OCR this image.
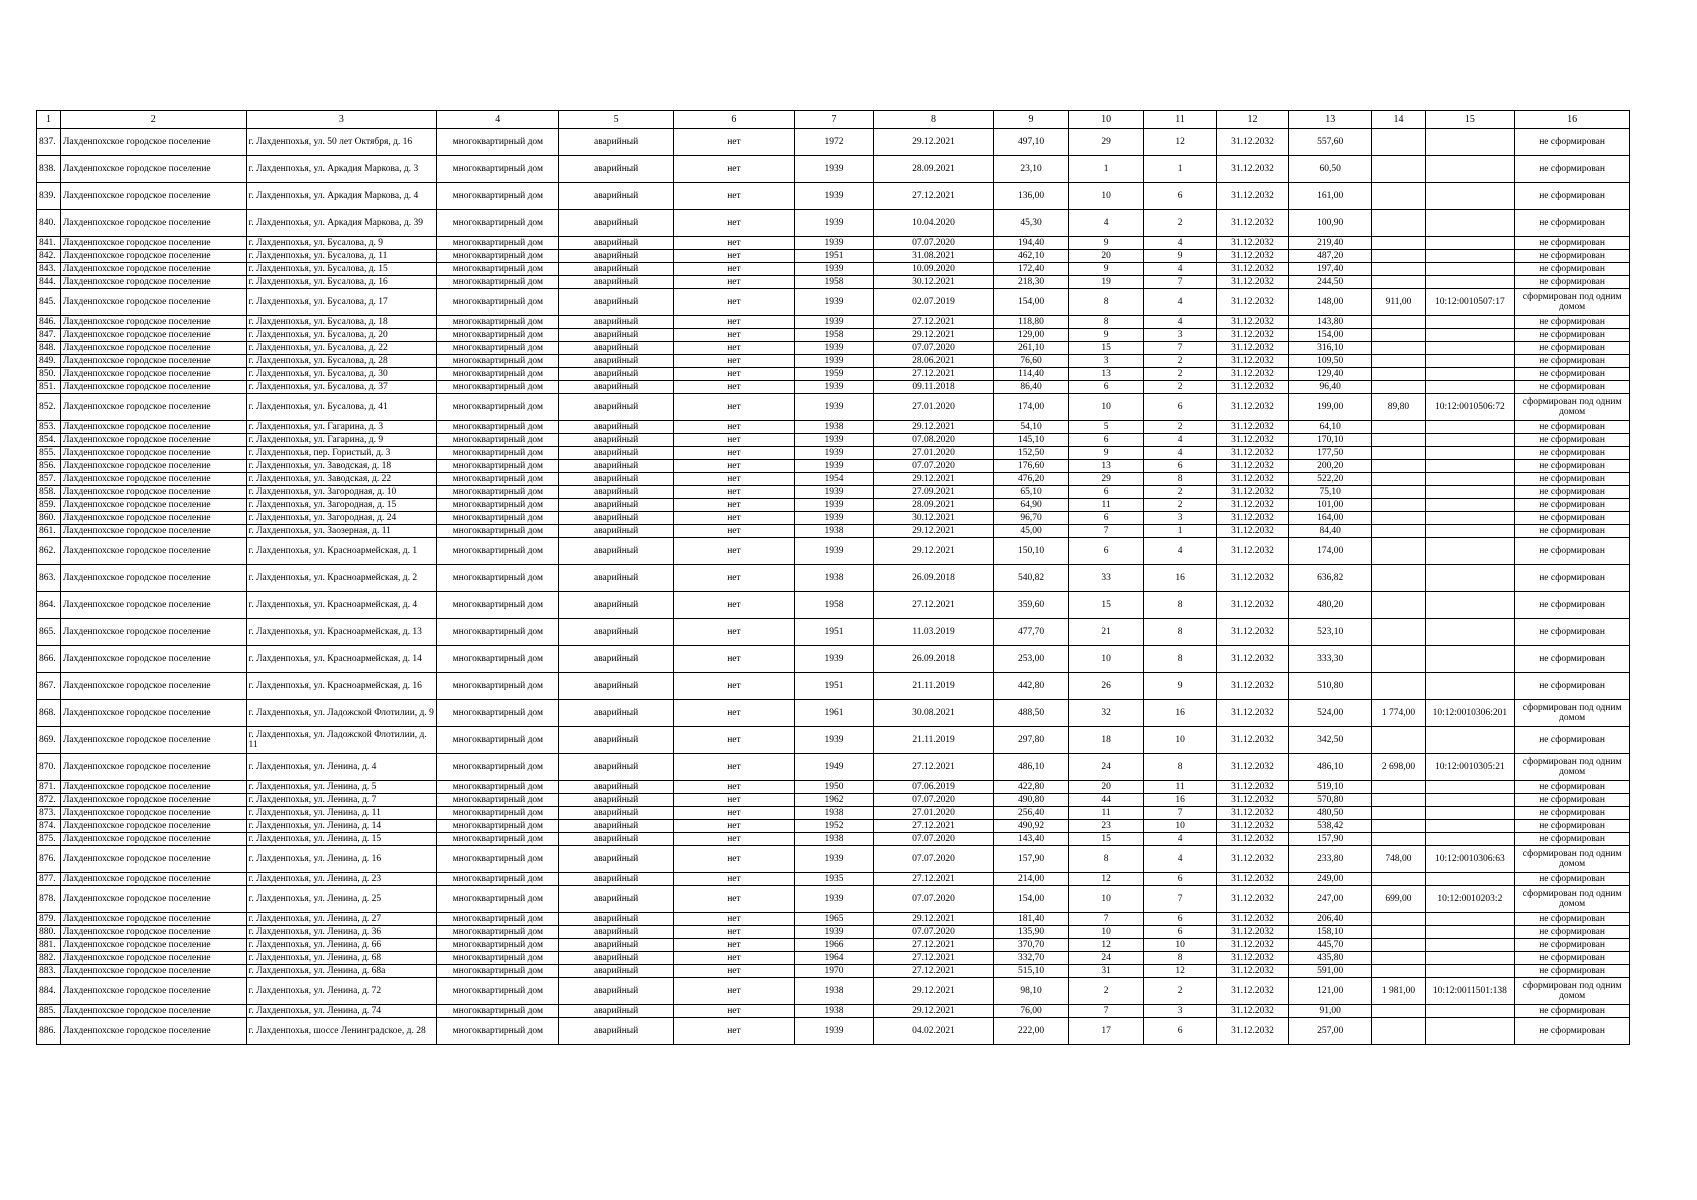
1	2	3	4	5	6	7	8	9	10	11	12	13	14	15	16
837.	Лахденпохское городское поселение	г. Лахденпохья, ул. 50 лет Октября, д. 16	многоквартирный дом	аварийный	нет	1972	29.12.2021	497,10	29	12	31.12.2032	557,60			не сформирован
838.	Лахденпохское городское поселение	г. Лахденпохья, ул. Аркадия Маркова, д. 3	многоквартирный дом	аварийный	нет	1939	28.09.2021	23,10	1	1	31.12.2032	60,50			не сформирован
839.	Лахденпохское городское поселение	г. Лахденпохья, ул. Аркадия Маркова, д. 4	многоквартирный дом	аварийный	нет	1939	27.12.2021	136,00	10	6	31.12.2032	161,00			не сформирован
840.	Лахденпохское городское поселение	г. Лахденпохья, ул. Аркадия Маркова, д. 39	многоквартирный дом	аварийный	нет	1939	10.04.2020	45,30	4	2	31.12.2032	100,90			не сформирован
841.	Лахденпохское городское поселение	г. Лахденпохья, ул. Бусалова, д. 9	многоквартирный дом	аварийный	нет	1939	07.07.2020	194,40	9	4	31.12.2032	219,40			не сформирован
842.	Лахденпохское городское поселение	г. Лахденпохья, ул. Бусалова, д. 11	многоквартирный дом	аварийный	нет	1951	31.08.2021	462,10	20	9	31.12.2032	487,20			не сформирован
843.	Лахденпохское городское поселение	г. Лахденпохья, ул. Бусалова, д. 15	многоквартирный дом	аварийный	нет	1939	10.09.2020	172,40	9	4	31.12.2032	197,40			не сформирован
844.	Лахденпохское городское поселение	г. Лахденпохья, ул. Бусалова, д. 16	многоквартирный дом	аварийный	нет	1958	30.12.2021	218,30	19	7	31.12.2032	244,50			не сформирован
845.	Лахденпохское городское поселение	г. Лахденпохья, ул. Бусалова, д. 17	многоквартирный дом	аварийный	нет	1939	02.07.2019	154,00	8	4	31.12.2032	148,00	911,00	10:12:0010507:17	сформирован под одним домом
846.	Лахденпохское городское поселение	г. Лахденпохья, ул. Бусалова, д. 18	многоквартирный дом	аварийный	нет	1939	27.12.2021	118,80	8	4	31.12.2032	143,80			не сформирован
847.	Лахденпохское городское поселение	г. Лахденпохья, ул. Бусалова, д. 20	многоквартирный дом	аварийный	нет	1958	29.12.2021	129,00	9	3	31.12.2032	154,00			не сформирован
848.	Лахденпохское городское поселение	г. Лахденпохья, ул. Бусалова, д. 22	многоквартирный дом	аварийный	нет	1939	07.07.2020	261,10	15	7	31.12.2032	316,10			не сформирован
849.	Лахденпохское городское поселение	г. Лахденпохья, ул. Бусалова, д. 28	многоквартирный дом	аварийный	нет	1939	28.06.2021	76,60	3	2	31.12.2032	109,50			не сформирован
850.	Лахденпохское городское поселение	г. Лахденпохья, ул. Бусалова, д. 30	многоквартирный дом	аварийный	нет	1959	27.12.2021	114,40	13	2	31.12.2032	129,40			не сформирован
851.	Лахденпохское городское поселение	г. Лахденпохья, ул. Бусалова, д. 37	многоквартирный дом	аварийный	нет	1939	09.11.2018	86,40	6	2	31.12.2032	96,40			не сформирован
852.	Лахденпохское городское поселение	г. Лахденпохья, ул. Бусалова, д. 41	многоквартирный дом	аварийный	нет	1939	27.01.2020	174,00	10	6	31.12.2032	199,00	89,80	10:12:0010506:72	сформирован под одним домом
853.	Лахденпохское городское поселение	г. Лахденпохья, ул. Гагарина, д. 3	многоквартирный дом	аварийный	нет	1938	29.12.2021	54,10	5	2	31.12.2032	64,10			не сформирован
854.	Лахденпохское городское поселение	г. Лахденпохья, ул. Гагарина, д. 9	многоквартирный дом	аварийный	нет	1939	07.08.2020	145,10	6	4	31.12.2032	170,10			не сформирован
855.	Лахденпохское городское поселение	г. Лахденпохья, пер. Гористый, д. 3	многоквартирный дом	аварийный	нет	1939	27.01.2020	152,50	9	4	31.12.2032	177,50			не сформирован
856.	Лахденпохское городское поселение	г. Лахденпохья, ул. Заводская, д. 18	многоквартирный дом	аварийный	нет	1939	07.07.2020	176,60	13	6	31.12.2032	200,20			не сформирован
857.	Лахденпохское городское поселение	г. Лахденпохья, ул. Заводская, д. 22	многоквартирный дом	аварийный	нет	1954	29.12.2021	476,20	29	8	31.12.2032	522,20			не сформирован
858.	Лахденпохское городское поселение	г. Лахденпохья, ул. Загородная, д. 10	многоквартирный дом	аварийный	нет	1939	27.09.2021	65,10	6	2	31.12.2032	75,10			не сформирован
859.	Лахденпохское городское поселение	г. Лахденпохья, ул. Загородная, д. 15	многоквартирный дом	аварийный	нет	1939	28.09.2021	64,90	11	2	31.12.2032	101,00			не сформирован
860.	Лахденпохское городское поселение	г. Лахденпохья, ул. Загородная, д. 24	многоквартирный дом	аварийный	нет	1939	30.12.2021	96,70	6	3	31.12.2032	164,00			не сформирован
861.	Лахденпохское городское поселение	г. Лахденпохья, ул. Заозерная, д. 11	многоквартирный дом	аварийный	нет	1938	29.12.2021	45,00	7	1	31.12.2032	84,40			не сформирован
862.	Лахденпохское городское поселение	г. Лахденпохья, ул. Красноармейская, д. 1	многоквартирный дом	аварийный	нет	1939	29.12.2021	150,10	6	4	31.12.2032	174,00			не сформирован
863.	Лахденпохское городское поселение	г. Лахденпохья, ул. Красноармейская, д. 2	многоквартирный дом	аварийный	нет	1938	26.09.2018	540,82	33	16	31.12.2032	636,82			не сформирован
864.	Лахденпохское городское поселение	г. Лахденпохья, ул. Красноармейская, д. 4	многоквартирный дом	аварийный	нет	1958	27.12.2021	359,60	15	8	31.12.2032	480,20			не сформирован
865.	Лахденпохское городское поселение	г. Лахденпохья, ул. Красноармейская, д. 13	многоквартирный дом	аварийный	нет	1951	11.03.2019	477,70	21	8	31.12.2032	523,10			не сформирован
866.	Лахденпохское городское поселение	г. Лахденпохья, ул. Красноармейская, д. 14	многоквартирный дом	аварийный	нет	1939	26.09.2018	253,00	10	8	31.12.2032	333,30			не сформирован
867.	Лахденпохское городское поселение	г. Лахденпохья, ул. Красноармейская, д. 16	многоквартирный дом	аварийный	нет	1951	21.11.2019	442,80	26	9	31.12.2032	510,80			не сформирован
868.	Лахденпохское городское поселение	г. Лахденпохья, ул. Ладожской Флотилии, д. 9	многоквартирный дом	аварийный	нет	1961	30.08.2021	488,50	32	16	31.12.2032	524,00	1 774,00	10:12:0010306:201	сформирован под одним домом
869.	Лахденпохское городское поселение	г. Лахденпохья, ул. Ладожской Флотилии, д. 11	многоквартирный дом	аварийный	нет	1939	21.11.2019	297,80	18	10	31.12.2032	342,50			не сформирован
870.	Лахденпохское городское поселение	г. Лахденпохья, ул. Ленина, д. 4	многоквартирный дом	аварийный	нет	1949	27.12.2021	486,10	24	8	31.12.2032	486,10	2 698,00	10:12:0010305:21	сформирован под одним домом
871.	Лахденпохское городское поселение	г. Лахденпохья, ул. Ленина, д. 5	многоквартирный дом	аварийный	нет	1950	07.06.2019	422,80	20	11	31.12.2032	519,10			не сформирован
872.	Лахденпохское городское поселение	г. Лахденпохья, ул. Ленина, д. 7	многоквартирный дом	аварийный	нет	1962	07.07.2020	490,80	44	16	31.12.2032	570,80			не сформирован
873.	Лахденпохское городское поселение	г. Лахденпохья, ул. Ленина, д. 11	многоквартирный дом	аварийный	нет	1938	27.01.2020	256,40	11	7	31.12.2032	480,50			не сформирован
874.	Лахденпохское городское поселение	г. Лахденпохья, ул. Ленина, д. 14	многоквартирный дом	аварийный	нет	1952	27.12.2021	490,92	23	10	31.12.2032	538,42			не сформирован
875.	Лахденпохское городское поселение	г. Лахденпохья, ул. Ленина, д. 15	многоквартирный дом	аварийный	нет	1938	07.07.2020	143,40	15	4	31.12.2032	157,90			не сформирован
876.	Лахденпохское городское поселение	г. Лахденпохья, ул. Ленина, д. 16	многоквартирный дом	аварийный	нет	1939	07.07.2020	157,90	8	4	31.12.2032	233,80	748,00	10:12:0010306:63	сформирован под одним домом
877.	Лахденпохское городское поселение	г. Лахденпохья, ул. Ленина, д. 23	многоквартирный дом	аварийный	нет	1935	27.12.2021	214,00	12	6	31.12.2032	249,00			не сформирован
878.	Лахденпохское городское поселение	г. Лахденпохья, ул. Ленина, д. 25	многоквартирный дом	аварийный	нет	1939	07.07.2020	154,00	10	7	31.12.2032	247,00	699,00	10:12:0010203:2	сформирован под одним домом
879.	Лахденпохское городское поселение	г. Лахденпохья, ул. Ленина, д. 27	многоквартирный дом	аварийный	нет	1965	29.12.2021	181,40	7	6	31.12.2032	206,40			не сформирован
880.	Лахденпохское городское поселение	г. Лахденпохья, ул. Ленина, д. 36	многоквартирный дом	аварийный	нет	1939	07.07.2020	135,90	10	6	31.12.2032	158,10			не сформирован
881.	Лахденпохское городское поселение	г. Лахденпохья, ул. Ленина, д. 66	многоквартирный дом	аварийный	нет	1966	27.12.2021	370,70	12	10	31.12.2032	445,70			не сформирован
882.	Лахденпохское городское поселение	г. Лахденпохья, ул. Ленина, д. 68	многоквартирный дом	аварийный	нет	1964	27.12.2021	332,70	24	8	31.12.2032	435,80			не сформирован
883.	Лахденпохское городское поселение	г. Лахденпохья, ул. Ленина, д. 68а	многоквартирный дом	аварийный	нет	1970	27.12.2021	515,10	31	12	31.12.2032	591,00			не сформирован
884.	Лахденпохское городское поселение	г. Лахденпохья, ул. Ленина, д. 72	многоквартирный дом	аварийный	нет	1938	29.12.2021	98,10	2	2	31.12.2032	121,00	1 981,00	10:12:0011501:138	сформирован под одним домом
885.	Лахденпохское городское поселение	г. Лахденпохья, ул. Ленина, д. 74	многоквартирный дом	аварийный	нет	1938	29.12.2021	76,00	7	3	31.12.2032	91,00			не сформирован
886.	Лахденпохское городское поселение	г. Лахденпохья, шоссе Ленинградское, д. 28	многоквартирный дом	аварийный	нет	1939	04.02.2021	222,00	17	6	31.12.2032	257,00			не сформирован
